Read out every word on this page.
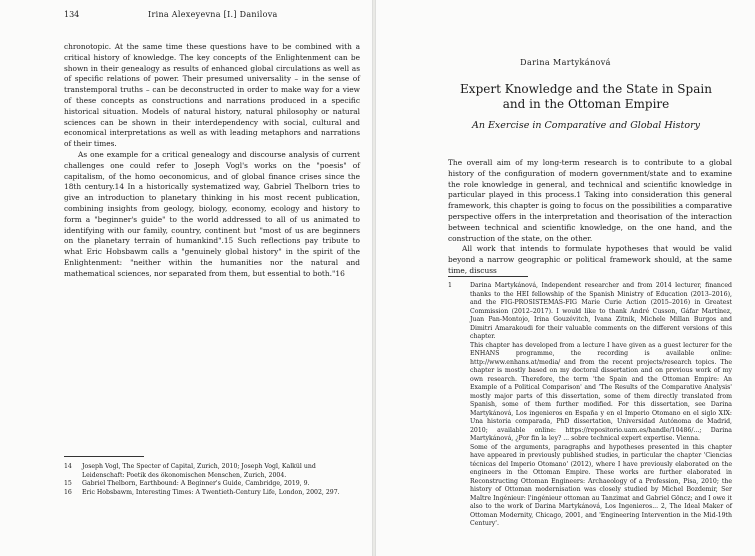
134	Irina Alexeyevna [I.] Danilova

chronotopic. At the same time these questions have to be combined with a critical history of knowledge. The key concepts of the Enlightenment can be shown in their genealogy as results of enhanced global circulations as well as of specific relations of power. Their presumed universality – in the sense of transtemporal truths – can be deconstructed in order to make way for a view of these concepts as constructions and narrations produced in a specific historical situation. Models of natural history, natural philosophy or natural sciences can be shown in their interdependency with social, cultural and economical interpretations as well as with leading metaphors and narrations of their times.

As one example for a critical genealogy and discourse analysis of current challenges one could refer to Joseph Vogl's works on the "poesis" of capitalism, of the homo oeconomicus, and of global finance crises since the 18th century.14 In a historically systematized way, Gabriel Thelborn tries to give an introduction to planetary thinking in his most recent publication, combining insights from geology, biology, economy, ecology and history to form a "beginner's guide" to the world addressed to all of us animated to identifying with our family, country, continent but "most of us are beginners on the planetary terrain of humankind".15 Such reflections pay tribute to what Eric Hobsbawm calls a "genuinely global history" in the spirit of the Enlightenment: "neither within the humanities nor the natural and mathematical sciences, nor separated from them, but essential to both."16

14 Joseph Vogl, The Specter of Capital, Zurich, 2010; Joseph Vogl, Kalkül und Leidenschaft: Poetik des ökonomischen Menschen, Zurich, 2004.
15 Gabriel Thelborn, Earthbound: A Beginner's Guide, Cambridge, 2019, 9.
16 Eric Hobsbawm, Interesting Times: A Twentieth-Century Life, London, 2002, 297.
Darina Martykánová
Expert Knowledge and the State in Spain
and in the Ottoman Empire
An Exercise in Comparative and Global History

The overall aim of my long-term research is to contribute to a global history of the configuration of modern government/state and to examine the role knowledge in general, and technical and scientific knowledge in particular played in this process.1 Taking into consideration this general framework, this chapter is going to focus on the possibilities a comparative perspective offers in the interpretation and theorisation of the interaction between technical and scientific knowledge, on the one hand, and the construction of the state, on the other.

All work that intends to formulate hypotheses that would be valid beyond a narrow geographic or political framework should, at the same time, discuss

1	Darina Martykánová, Independent researcher and from 2014 lecturer, financed thanks to the HEI fellowship of the Spanish Ministry of Education (2013–2016), and the FIG-PROSISTEMAS-FIG Marie Curie Action (2015–2016) in Greatest Commission (2012–2017). I would like to thank André Cusson, Gáfar Martínez, Juan Pan-Montojo, Irina Gouzévitch, Ivana Zitnik, Michele Millan Burgos and Dimitri Amarakoudi for their valuable comments on the different versions of this chapter.

This chapter has developed from a lecture I have given as a guest lecturer for the ENHANS programme, the recording is available online: http://www.enhans.at/media/ and from the recent projects/research topics. The chapter is mostly based on my doctoral dissertation and on previous work of my own research. Therefore, the term 'the Spain and the Ottoman Empire: An Example of a Political Comparison' and 'The Results of the Comparative Analysis' mostly major parts of this dissertation, some of them directly translated from Spanish, some of them further modified. For this dissertation, see Darina Martykánová, Los ingenieros en España y en el Imperio Otomano en el siglo XIX: Una historia comparada, PhD dissertation, Universidad Autónoma de Madrid, 2010; available online: https://repositorio.uam.es/handle/10486/...; Darina Martykánová, ¿Por fin la ley? ... sobre technical expert expertise. Vienna.

Some of the arguments, paragraphs and hypotheses presented in this chapter have appeared in previously published studies, in particular the chapter 'Ciencias técnicas del Imperio Otomano' (2012), where I have previously elaborated on the engineers in the Ottoman Empire. These works are further elaborated in Reconstructing Ottoman Engineers: Archaeology of a Profession, Pisa, 2010; the history of Ottoman modernisation was closely studied by Michel Bozdemir, Ser Maître Ingénieur: l'ingénieur ottoman au Tanzimat and Gabriel Göncz; and I owe it also to the work of Darina Martykánová, Los Ingenieros... 2, The Ideal Maker of Ottoman Modernity, Chicago, 2001, and 'Engineering Intervention in the Mid-19th Century'.
